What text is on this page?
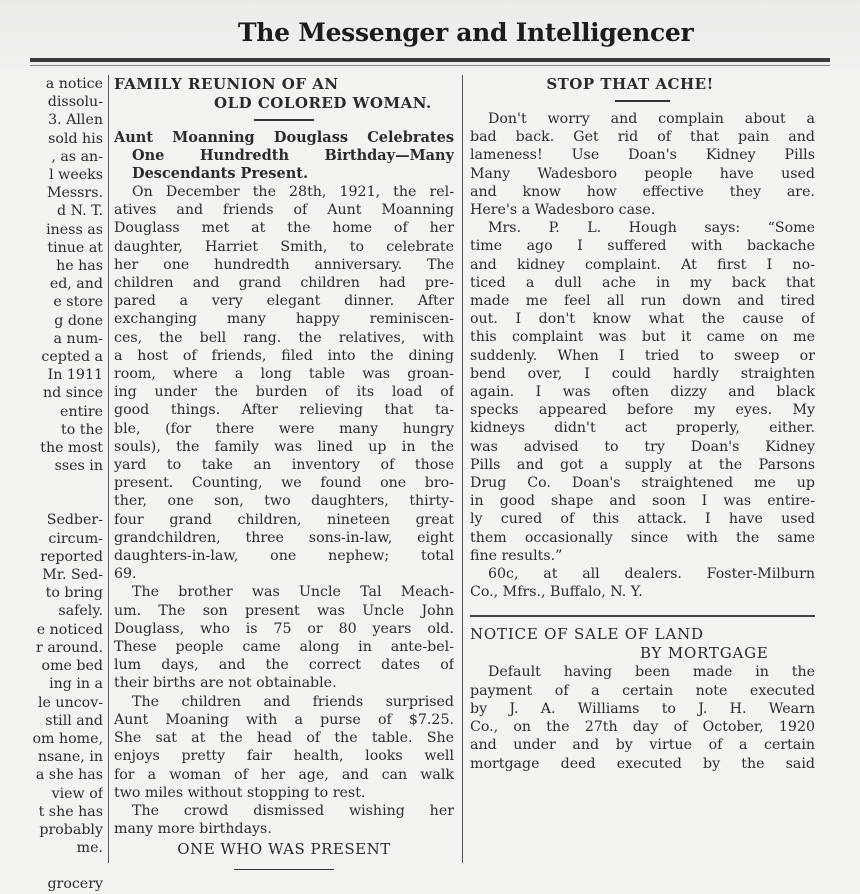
The Messenger and Intelligencer
a notice
dissolu-
3. Allen
sold his
, as an-
l weeks
Messrs.
d N. T.
iness as
tinue at
he has
ed, and
e store
g done
a num-
cepted a
In 1911
nd since
entire
to the
the most
sses in
Sedber-
circum-
reported
Mr. Sed-
to bring
safely.
e noticed
r around.
ome bed
ing in a
le uncov-
still and
om home,
nsane, in
a she has
view of
t she has
probably
me.
grocery
FAMILY REUNION OF AN
OLD COLORED WOMAN.
Aunt Moanning Douglass Celebrates
One Hundredth Birthday—Many
Descendants Present.
On December the 28th, 1921, the rel-
atives and friends of Aunt Moanning
Douglass met at the home of her
daughter, Harriet Smith, to celebrate
her one hundredth anniversary. The
children and grand children had pre-
pared a very elegant dinner. After
exchanging many happy reminiscen-
ces, the bell rang. the relatives, with
a host of friends, filed into the dining
room, where a long table was groan-
ing under the burden of its load of
good things. After relieving that ta-
ble, (for there were many hungry
souls), the family was lined up in the
yard to take an inventory of those
present. Counting, we found one bro-
ther, one son, two daughters, thirty-
four grand children, nineteen great
grandchildren, three sons-in-law, eight
daughters-in-law, one nephew; total
69.
The brother was Uncle Tal Meach-
um. The son present was Uncle John
Douglass, who is 75 or 80 years old.
These people came along in ante-bel-
lum days, and the correct dates of
their births are not obtainable.
The children and friends surprised
Aunt Moaning with a purse of $7.25.
She sat at the head of the table. She
enjoys pretty fair health, looks well
for a woman of her age, and can walk
two miles without stopping to rest.
The crowd dismissed wishing her
many more birthdays.
ONE WHO WAS PRESENT
STOP THAT ACHE!
Don't worry and complain about a
bad back. Get rid of that pain and
lameness! Use Doan's Kidney Pills
Many Wadesboro people have used
and know how effective they are.
Here's a Wadesboro case.
Mrs. P. L. Hough says: “Some
time ago I suffered with backache
and kidney complaint. At first I no-
ticed a dull ache in my back that
made me feel all run down and tired
out. I don't know what the cause of
this complaint was but it came on me
suddenly. When I tried to sweep or
bend over, I could hardly straighten
again. I was often dizzy and black
specks appeared before my eyes. My
kidneys didn't act properly, either.
was advised to try Doan's Kidney
Pills and got a supply at the Parsons
Drug Co. Doan's straightened me up
in good shape and soon I was entire-
ly cured of this attack. I have used
them occasionally since with the same
fine results.”
60c, at all dealers. Foster-Milburn
Co., Mfrs., Buffalo, N. Y.
NOTICE OF SALE OF LAND
BY MORTGAGE
Default having been made in the
payment of a certain note executed
by J. A. Williams to J. H. Wearn
Co., on the 27th day of October, 1920
and under and by virtue of a certain
mortgage deed executed by the said
